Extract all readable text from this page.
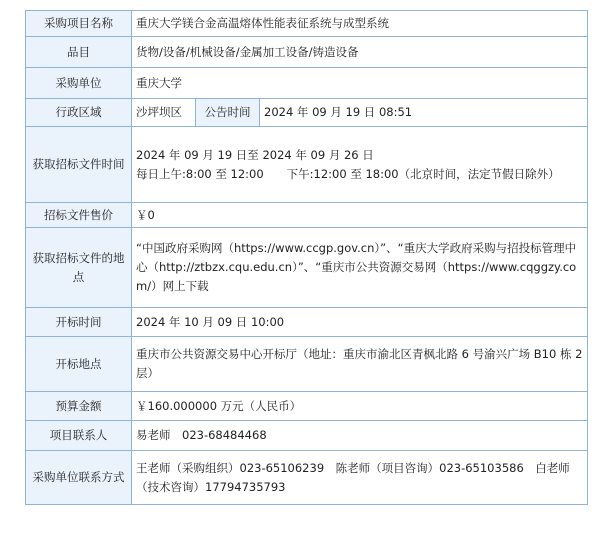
采购项目名称	重庆大学镁合金高温熔体性能表征系统与成型系统		
品目	货物/设备/机械设备/金属加工设备/铸造设备		
采购单位	重庆大学		
行政区域	沙坪坝区	公告时间	2024 年 09 月 19 日 08:51
获取招标文件时间	2024 年 09 月 19 日至 2024 年 09 月 26 日
每日上午:8:00 至 12:00　　下午:12:00 至 18:00（北京时间，法定节假日除外）		

招标文件售价	￥0		
获取招标文件的地点	“中国政府采购网（https://www.ccgp.gov.cn）”、“重庆大学政府采购与招投标管理中心（http://ztbzx.cqu.edu.cn）”、“重庆市公共资源交易网（https://www.cqggzy.com/）网上下载		
开标时间	2024 年 10 月 09 日 10:00		
开标地点	重庆市公共资源交易中心开标厅（地址：重庆市渝北区青枫北路 6 号渝兴广场 B10 栋 2 层）		
预算金额	￥160.000000 万元（人民币）		
项目联系人	易老师　023-68484468		
采购单位联系方式	王老师（采购组织）023-65106239　陈老师（项目咨询）023-65103586　白老师（技术咨询）17794735793		
